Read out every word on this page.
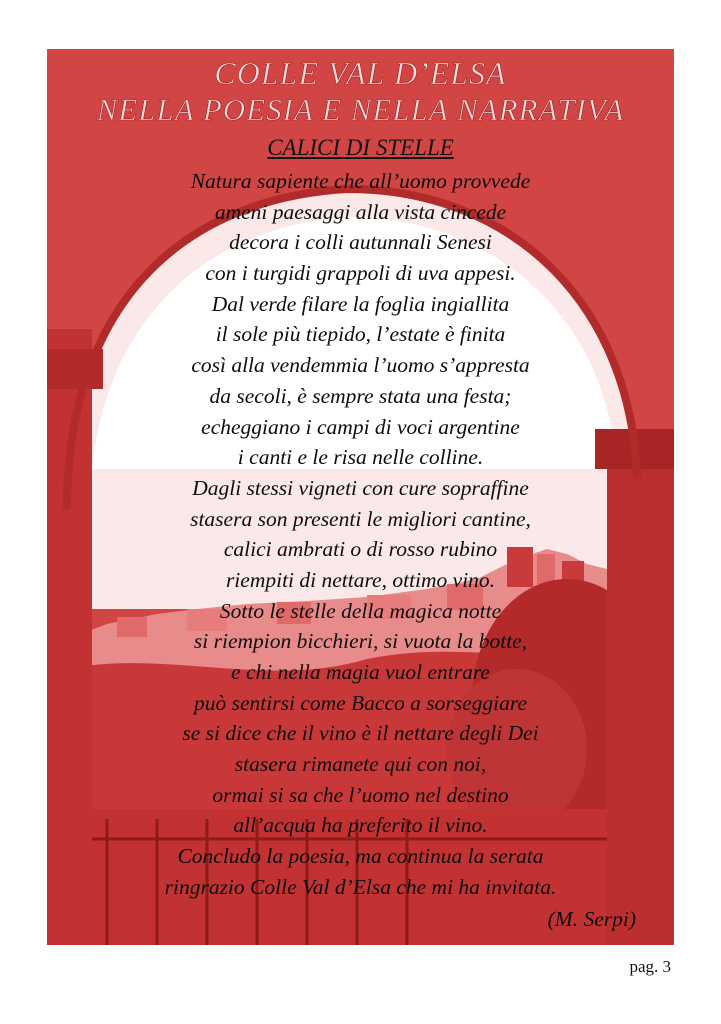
COLLE VAL D’ELSA
NELLA POESIA E NELLA NARRATIVA
CALICI DI STELLE
Natura sapiente che all’uomo provvede
ameni paesaggi alla vista cincede
decora i colli autunnali Senesi
con i turgidi grappoli di uva appesi.
Dal verde filare la foglia ingiallita
il sole più tiepido, l’estate è finita
così alla vendemmia l’uomo s’appresta
da secoli, è sempre stata una festa;
echeggiano i campi di voci argentine
i canti e le risa nelle colline.
Dagli stessi vigneti con cure sopraffine
stasera son presenti le migliori cantine,
calici ambrati o di rosso rubino
riempiti di nettare, ottimo vino.
Sotto le stelle della magica notte
si riempion bicchieri, si vuota la botte,
e chi nella magia vuol entrare
può sentirsi come Bacco a sorseggiare
se si dice che il vino è il nettare degli Dei
stasera rimanete qui con noi,
ormai si sa che l’uomo nel destino
all’acqua ha preferito il vino.
Concludo la poesia, ma continua la serata
ringrazio Colle Val d’Elsa che mi ha invitata.
(M. Serpi)
pag. 3
